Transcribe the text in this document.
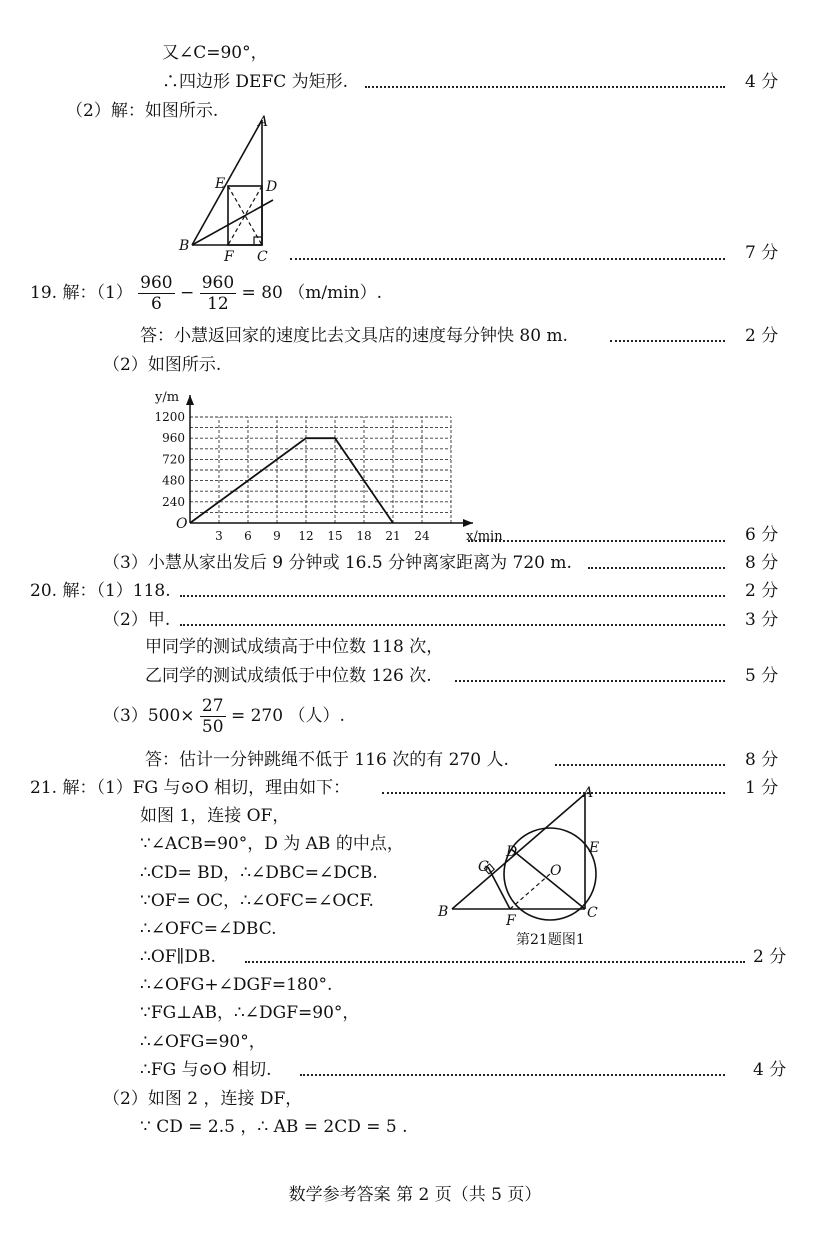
又∠C=90°，
∴四边形 DEFC 为矩形.	4 分
（2）解：如图所示.
A
E	D
B
F C	7 分
19. 解：$(1) \frac{960}{6} - \frac{960}{12} = 80$ （m/min）.
答：小慧返回家的速度比去文具店的速度每分钟快 80 m.	2 分
（2）如图所示.
3 6 9 12 15 18 21 24
240
480
720
960
1200
O
x/min
y/m
6 分
（3）小慧从家出发后 9 分钟或 16.5 分钟离家距离为 720 m.	8 分
20. 解：（1）118.	2 分
（2）甲.	3 分
甲同学的测试成绩高于中位数 118 次，
乙同学的测试成绩低于中位数 126 次.	5 分
$(3)500\times \frac{27}{50} = 270$ （人）.
答：估计一分钟跳绳不低于 116 次的有 270 人.	8 分
21. 解：（1）FG 与⊙O 相切，理由如下：	1 分
如图 1，连接 OF，
∵∠ACB=90°，D 为 AB 的中点，
∴CD= BD，∴∠DBC=∠DCB.
∵OF= OC，∴∠OFC=∠OCF.
∴∠OFC=∠DBC.
∴OF∥DB.	2 分
∴∠OFG+∠DGF=180°.
∵FG⊥AB，∴∠DGF=90°，
∴∠OFG=90°，
∴FG 与⊙O 相切.	4 分
A
D	E
G	O
B
F	C
第21题图1
（2）如图 2 ，连接 DF，
∵ CD = 2.5 ，∴ AB = 2CD = 5 .
数学参考答案 第 2 页（共 5 页）
